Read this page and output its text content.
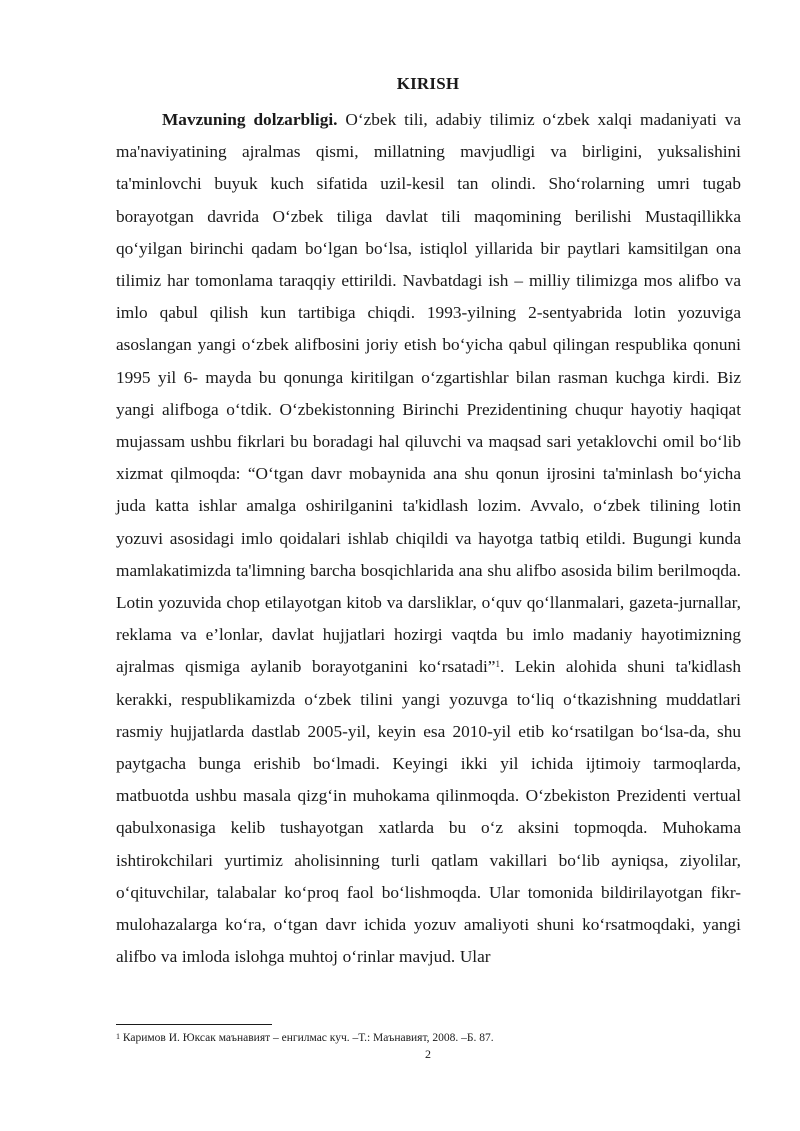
KIRISH

Mavzuning dolzarbligi. O‘zbek tili, adabiy tilimiz o‘zbek xalqi madaniyati va ma'naviyatining ajralmas qismi, millatning mavjudligi va birligini, yuksalishini ta'minlovchi buyuk kuch sifatida uzil-kesil tan olindi. Sho‘rolarning umri tugab borayotgan davrida O‘zbek tiliga davlat tili maqomining berilishi Mustaqillikka qo‘yilgan birinchi qadam bo‘lgan bo‘lsa, istiqlol yillarida bir paytlari kamsitilgan ona tilimiz har tomonlama taraqqiy ettirildi. Navbatdagi ish – milliy tilimizga mos alifbo va imlo qabul qilish kun tartibiga chiqdi. 1993-yilning 2-sentyabrida lotin yozuviga asoslangan yangi o‘zbek alifbosini joriy etish bo‘yicha qabul qilingan respublika qonuni 1995 yil 6- mayda bu qonunga kiritilgan o‘zgartishlar bilan rasman kuchga kirdi. Biz yangi alifboga o‘tdik. O‘zbekistonning Birinchi Prezidentining chuqur hayotiy haqiqat mujassam ushbu fikrlari bu boradagi hal qiluvchi va maqsad sari yetaklovchi omil bo‘lib xizmat qilmoqda: “O‘tgan davr mobaynida ana shu qonun ijrosini ta'minlash bo‘yicha juda katta ishlar amalga oshirilganini ta'kidlash lozim. Avvalo, o‘zbek tilining lotin yozuvi asosidagi imlo qoidalari ishlab chiqildi va hayotga tatbiq etildi. Bugungi kunda mamlakatimizda ta'limning barcha bosqichlarida ana shu alifbo asosida bilim berilmoqda. Lotin yozuvida chop etilayotgan kitob va darsliklar, o‘quv qo‘llanmalari, gazeta-jurnallar, reklama va e’lonlar, davlat hujjatlari hozirgi vaqtda bu imlo madaniy hayotimizning ajralmas qismiga aylanib borayotganini ko‘rsatadi”$^1$. Lekin alohida shuni ta'kidlash kerakki, respublikamizda o‘zbek tilini yangi yozuvga to‘liq o‘tkazishning muddatlari rasmiy hujjatlarda dastlab 2005-yil, keyin esa 2010-yil etib ko‘rsatilgan bo‘lsa-da, shu paytgacha bunga erishib bo‘lmadi. Keyingi ikki yil ichida ijtimoiy tarmoqlarda, matbuotda ushbu masala qizg‘in muhokama qilinmoqda. O‘zbekiston Prezidenti vertual qabulxonasiga kelib tushayotgan xatlarda bu o‘z aksini topmoqda. Muhokama ishtirokchilari yurtimiz aholisinning turli qatlam vakillari bo‘lib ayniqsa, ziyolilar, o‘qituvchilar, talabalar ko‘proq faol bo‘lishmoqda. Ular tomonida bildirilayotgan fikr-mulohazalarga ko‘ra, o‘tgan davr ichida yozuv amaliyoti shuni ko‘rsatmoqdaki, yangi alifbo va imloda islohga muhtoj o‘rinlar mavjud. Ular

$^1$ Каримов И. Юксак маънавият – енгилмас куч. –Т.: Маънавият, 2008. –Б. 87.
2
